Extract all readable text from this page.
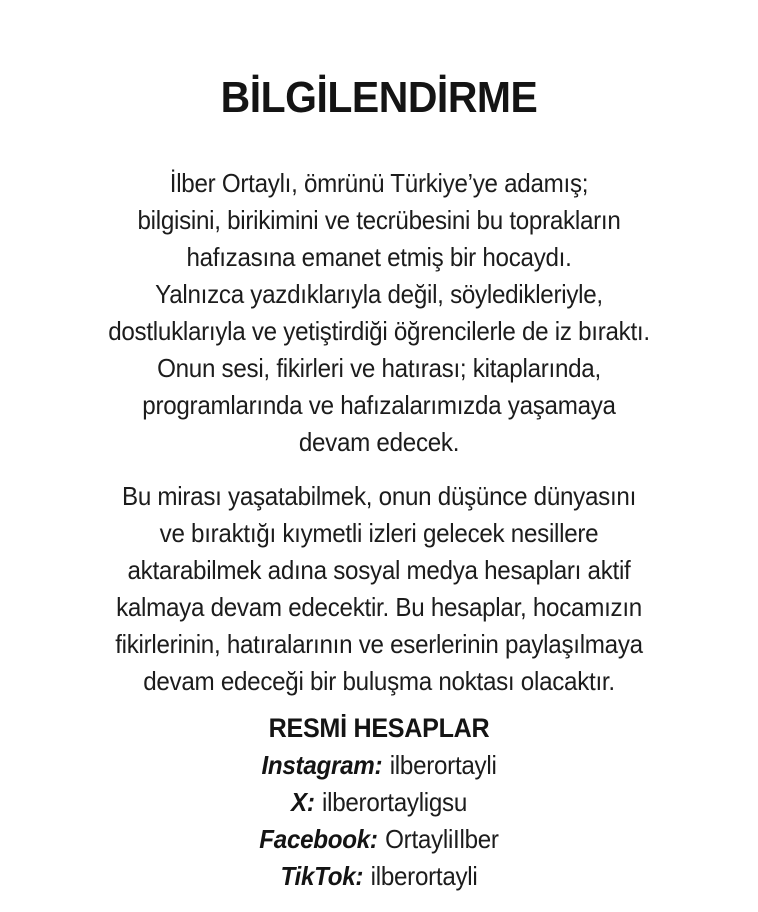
BİLGİLENDİRME
İlber Ortaylı, ömrünü Türkiye’ye adamış;
bilgisini, birikimini ve tecrübesini bu toprakların
hafızasına emanet etmiş bir hocaydı.
Yalnızca yazdıklarıyla değil, söyledikleriyle,
dostluklarıyla ve yetiştirdiği öğrencilerle de iz bıraktı.
Onun sesi, fikirleri ve hatırası; kitaplarında,
programlarında ve hafızalarımızda yaşamaya
devam edecek.
Bu mirası yaşatabilmek, onun düşünce dünyasını
ve bıraktığı kıymetli izleri gelecek nesillere
aktarabilmek adına sosyal medya hesapları aktif
kalmaya devam edecektir. Bu hesaplar, hocamızın
fikirlerinin, hatıralarının ve eserlerinin paylaşılmaya
devam edeceği bir buluşma noktası olacaktır.
RESMİ HESAPLAR
Instagram: ilberortayli
X: ilberortayligsu
Facebook: OrtayliIlber
TikTok: ilberortayli
